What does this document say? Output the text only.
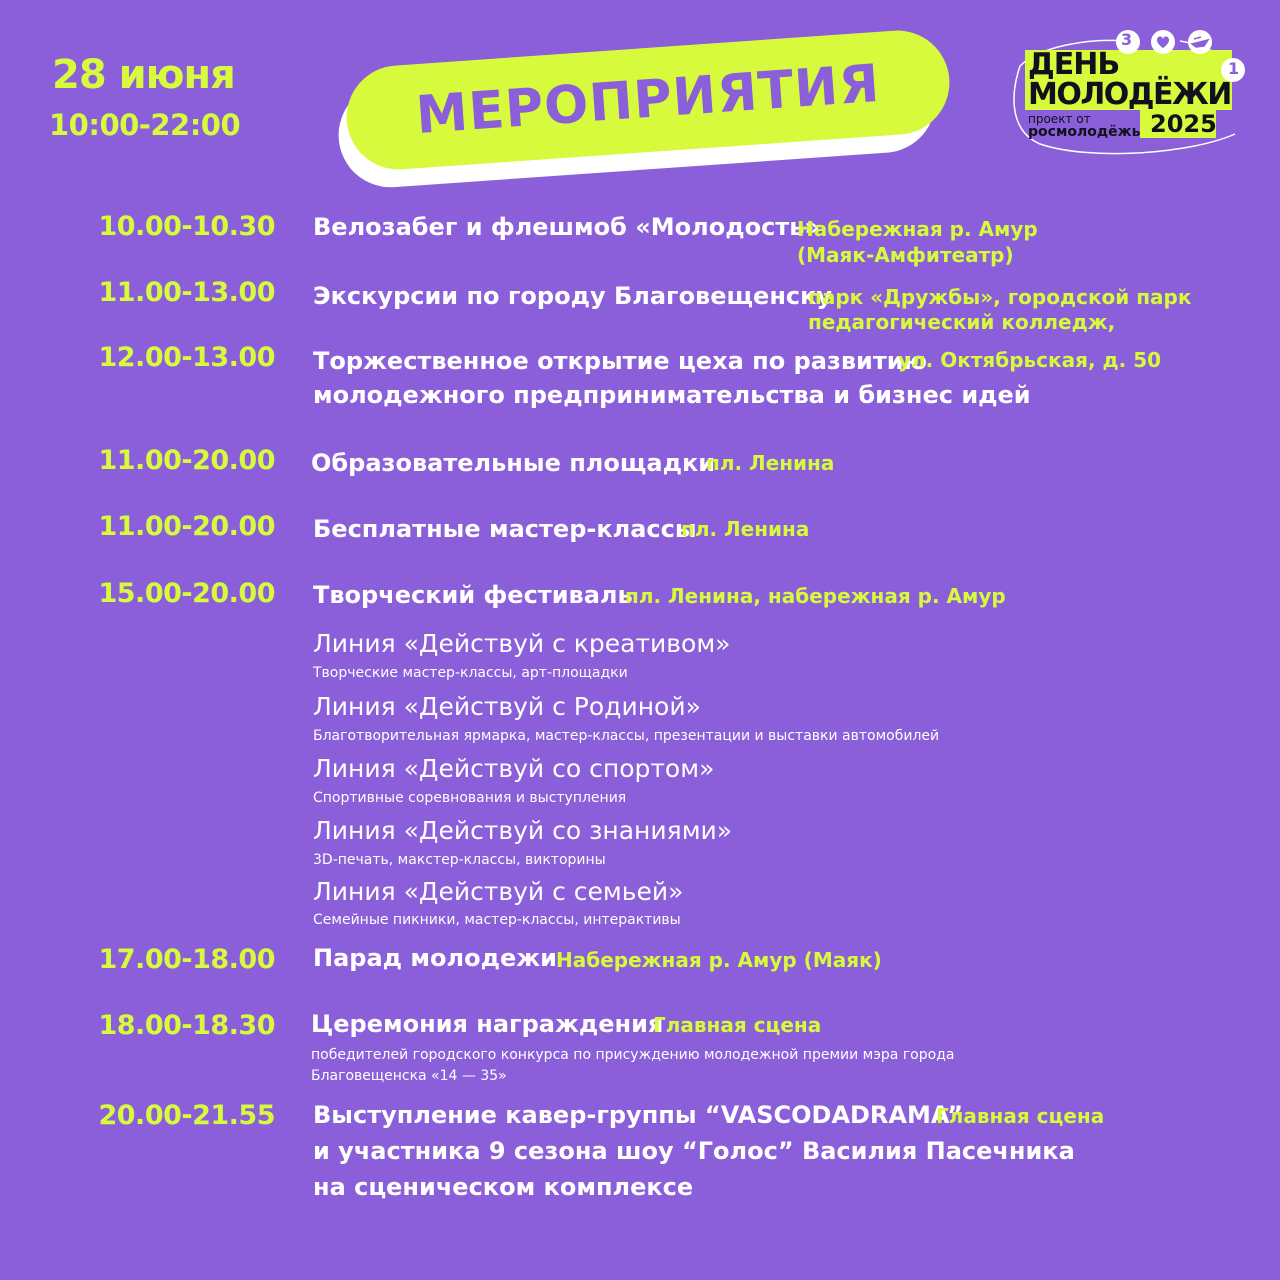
28 июня
10:00-22:00	МЕРОПРИЯТИЯ
3
1
ДЕНЬ
МОЛОДЁЖИ
проект от
росмолодёжь 2025
10.00-10.30 Велозабег и флешмоб «Молодость»
Набережная р. Амур
(Маяк-Амфитеатр)
11.00-13.00 Экскурсии по городу Благовещенску
парк «Дружбы», городской парк
педагогический колледж,
12.00-13.00 Торжественное открытие цеха по развитию
молодежного предпринимательства и бизнес идей
ул. Октябрьская, д. 50
11.00-20.00 Образовательные площадки
пл. Ленина
11.00-20.00 Бесплатные мастер-классы
пл. Ленина
15.00-20.00 Творческий фестиваль
пл. Ленина, набережная р. Амур
Линия «Действуй с креативом»
Творческие мастер-классы, арт-площадки
Линия «Действуй с Родиной»
Благотворительная ярмарка, мастер-классы, презентации и выставки автомобилей
Линия «Действуй со спортом»
Спортивные соревнования и выступления
Линия «Действуй со знаниями»
3D-печать, макстер-классы, викторины
Линия «Действуй с семьей»
Семейные пикники, мастер-классы, интерактивы
17.00-18.00 Парад молодежи Набережная р. Амур (Маяк)
18.00-18.30 Церемония награждения
Главная сцена
победителей городского конкурса по присуждению молодежной премии мэра города
Благовещенска «14 — 35»
20.00-21.55 Выступление кавер-группы “VASCODADRAMA”
и участника 9 сезона шоу “Голос” Василия Пасечника
на сценическом комплексе
Главная сцена
